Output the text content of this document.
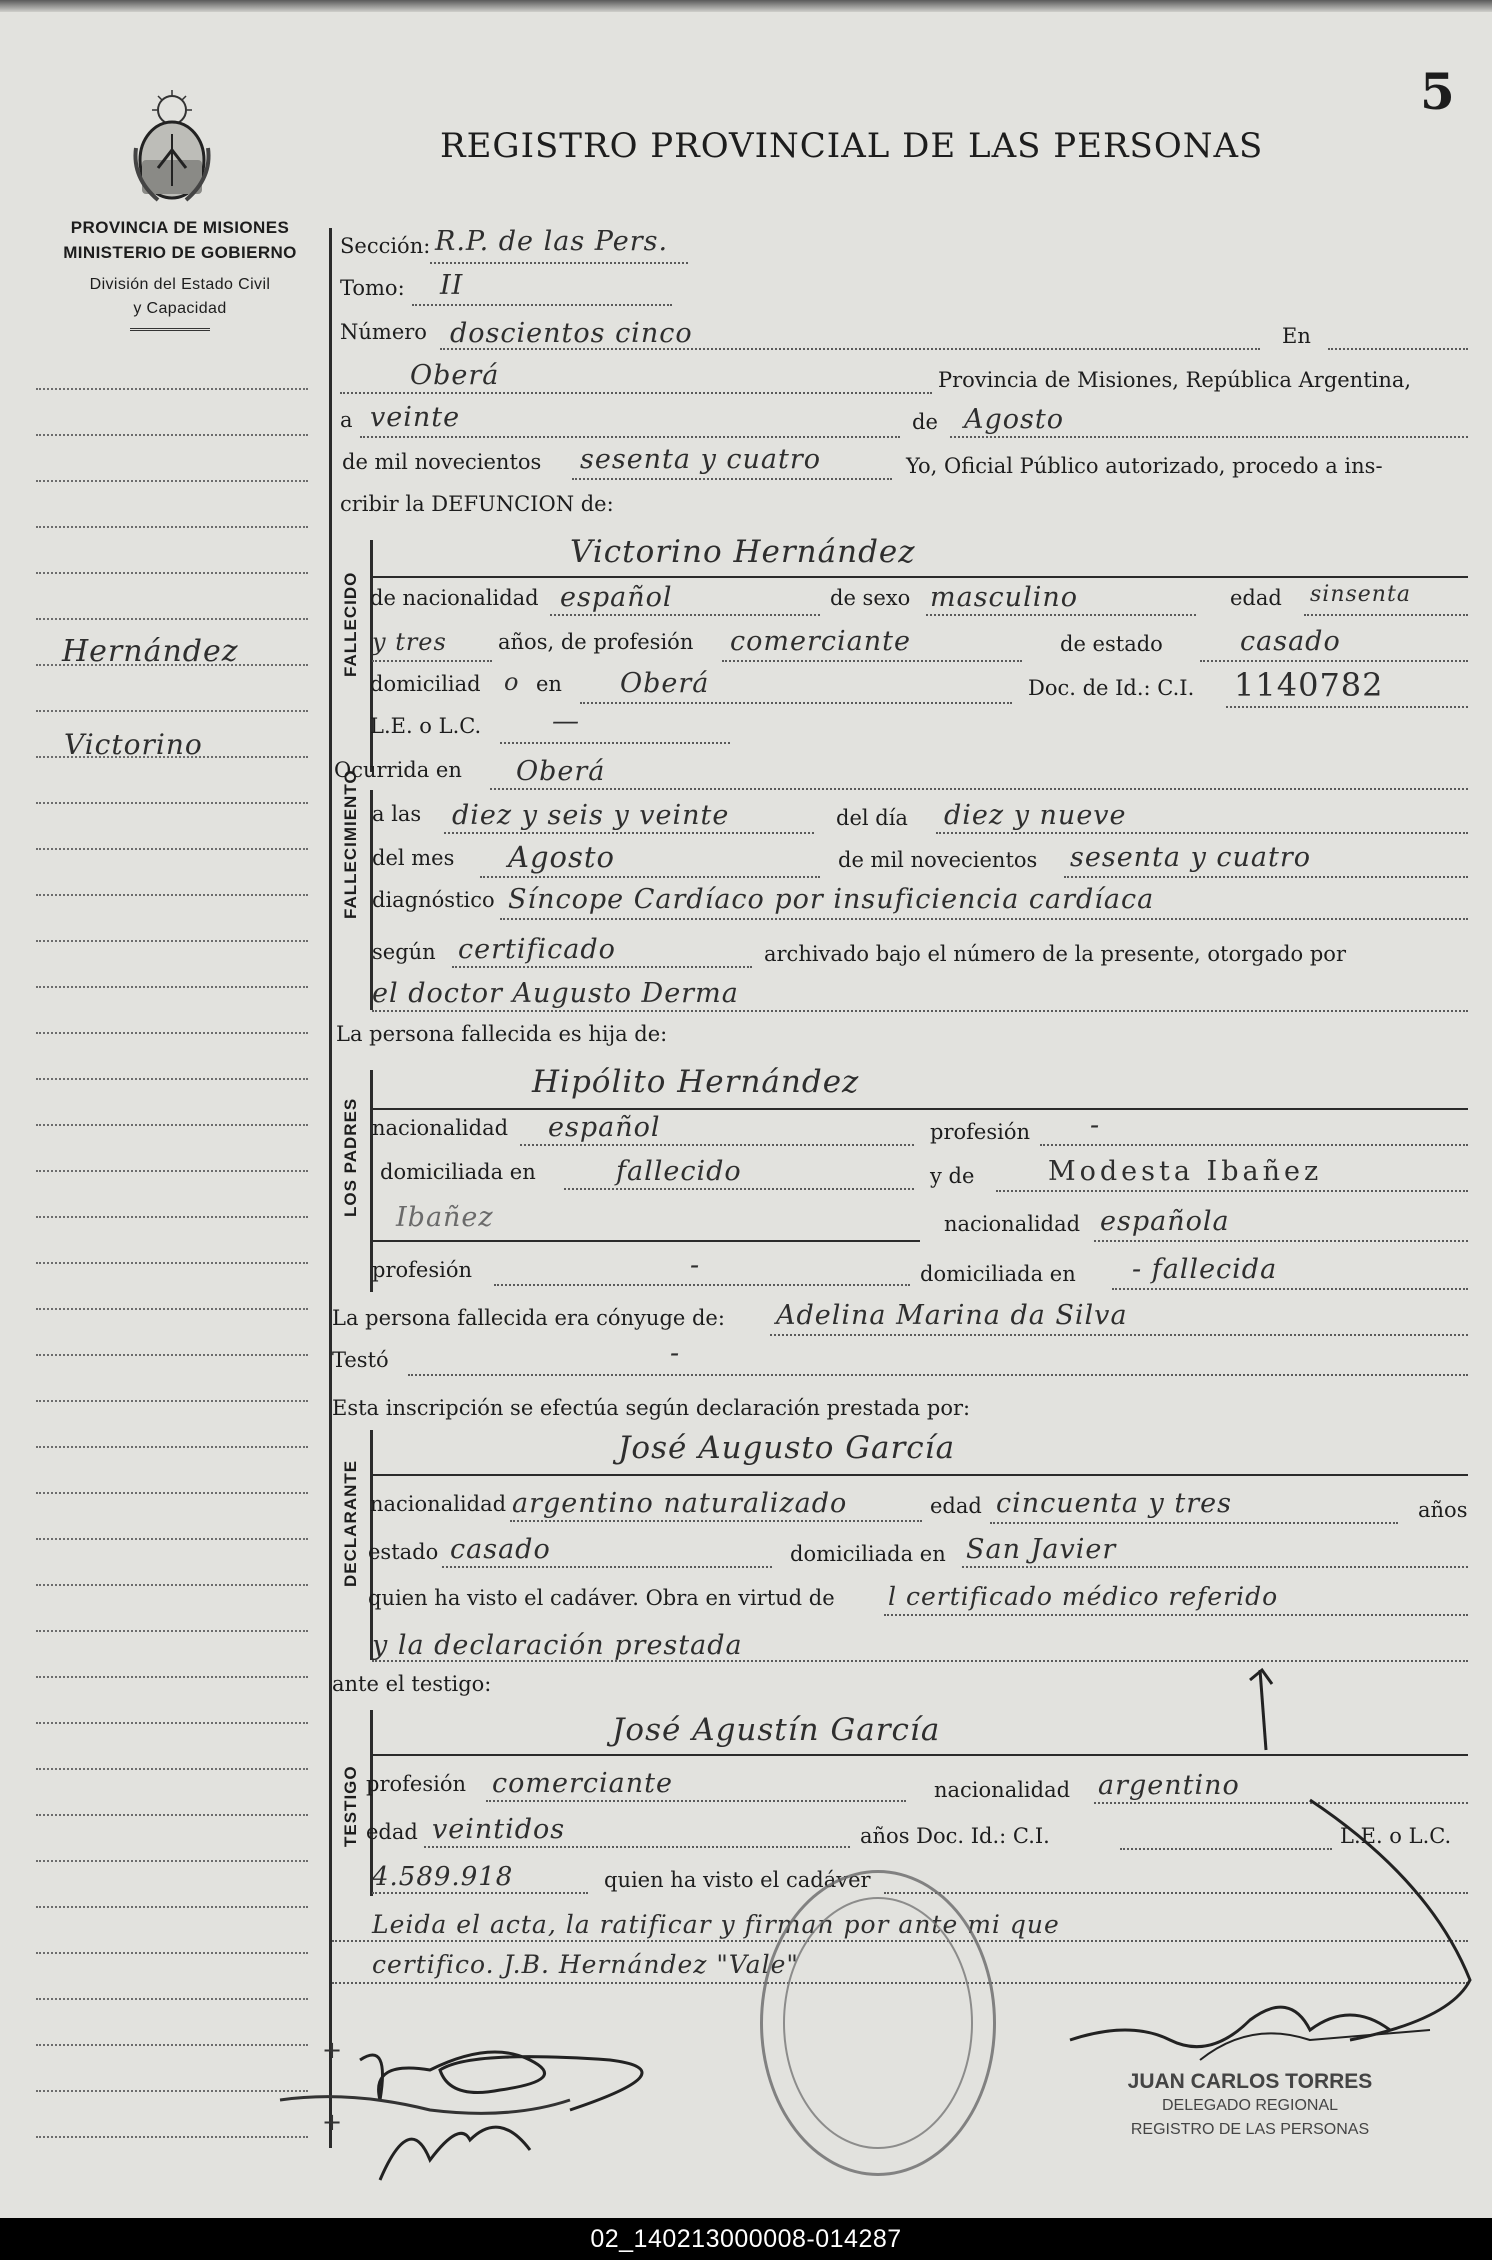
5
REGISTRO PROVINCIAL DE LAS PERSONAS
PROVINCIA DE MISIONES
MINISTERIO DE GOBIERNO
División del Estado Civil
y Capacidad
Hernández
Victorino
Sección: R.P. de las Pers.
Tomo: II
Número doscientos cinco	En
Oberá	Provincia de Misiones, República Argentina,
a veinte	de Agosto
de mil novecientos sesenta y cuatro	Yo, Oficial Público autorizado, procedo a ins-
cribir la DEFUNCION de:
FALLECIDO
Victorino Hernández
de nacionalidad español	de sexo masculino	edad sinsenta
y tres años, de profesión comerciante	de estado	casado
domiciliad o en Oberá	Doc. de Id.: C.I. 1140782
L.E. o L.C.	—
Ocurrida en Oberá
FALLECIMIENTO a las diez y seis y veinte	del día diez y nueve
del mes Agosto	de mil novecientos sesenta y cuatro
diagnóstico Síncope Cardíaco por insuficiencia cardíaca
según certificado	archivado bajo el número de la presente, otorgado por
el doctor Augusto Derma
La persona fallecida es hija de:
LOS PADRES
Hipólito Hernández
nacionalidad español	profesión -
domiciliada en	fallecido	y de	Modesta Ibañez
Ibañez	nacionalidad española
profesión	-	domiciliada en - fallecida
La persona fallecida era cónyuge de: Adelina Marina da Silva
Testó	-
Esta inscripción se efectúa según declaración prestada por:
DECLARANTE
José Augusto García
nacionalidad argentino naturalizado	edad cincuenta y tres	años
estado casado	domiciliada en San Javier
quien ha visto el cadáver. Obra en virtud de l certificado médico referido
y la declaración prestada
ante el testigo:
TESTIGO
José Agustín García
profesión comerciante	nacionalidad argentino
edad veintidos	años Doc. Id.: C.I.	L.E. o L.C.
4.589.918	quien ha visto el cadáver
Leida el acta, la ratificar y firman por ante mi que
certifico. J.B. Hernández "Vale"
JUAN CARLOS TORRES
DELEGADO REGIONAL
REGISTRO DE LAS PERSONAS
+
+
02_140213000008-014287
